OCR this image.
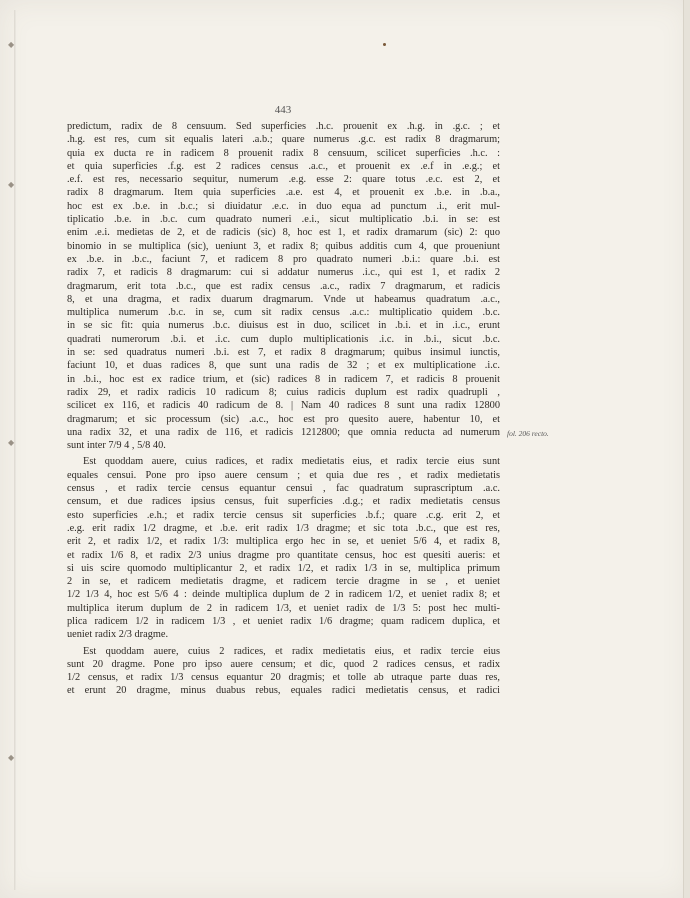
◆
◆
◆
◆
443
predictum, radix de 8 censuum. Sed superficies .h.c. prouenit ex .h.g. in .g.c. ; et
.h.g. est res, cum sit equalis lateri .a.b.; quare numerus .g.c. est radix 8 dragmarum;
quia ex ducta re in radicem 8 prouenit radix 8 censuum, scilicet superficies .h.c. :
et quia superficies .f.g. est 2 radices census .a.c., et prouenit ex .e.f in .e.g.; et
.e.f. est res, necessario sequitur, numerum .e.g. esse 2: quare totus .e.c. est 2, et
radix 8 dragmarum. Item quia superficies .a.e. est 4, et prouenit ex .b.e. in .b.a.,
hoc est ex .b.e. in .b.c.; si diuidatur .e.c. in duo equa ad punctum .i., erit mul-
tiplicatio .b.e. in .b.c. cum quadrato numeri .e.i., sicut multiplicatio .b.i. in se: est
enim .e.i. medietas de 2, et de radicis (sic) 8, hoc est 1, et radix dramarum (sic) 2: quo
binomio in se multiplica (sic), ueniunt 3, et radix 8; quibus additis cum 4, que proueniunt
ex .b.e. in .b.c., faciunt 7, et radicem 8 pro quadrato numeri .b.i.: quare .b.i. est
radix 7, et radicis 8 dragmarum: cui si addatur numerus .i.c., qui est 1, et radix 2
dragmarum, erit tota .b.c., que est radix census .a.c., radix 7 dragmarum, et radicis
8, et una dragma, et radix duarum dragmarum. Vnde ut habeamus quadratum .a.c.,
multiplica numerum .b.c. in se, cum sit radix census .a.c.: multiplicatio quidem .b.c.
in se sic fit: quia numerus .b.c. diuisus est in duo, scilicet in .b.i. et in .i.c., erunt
quadrati numerorum .b.i. et .i.c. cum duplo multiplicationis .i.c. in .b.i., sicut .b.c.
in se: sed quadratus numeri .b.i. est 7, et radix 8 dragmarum; quibus insimul iunctis,
faciunt 10, et duas radices 8, que sunt una radis de 32 ; et ex multiplicatione .i.c.
in .b.i., hoc est ex radice trium, et (sic) radices 8 in radicem 7, et radicis 8 prouenit
radix 29, et radix radicis 10 radicum 8; cuius radicis duplum est radix quadrupli ,
scilicet ex 116, et radicis 40 radicum de 8. | Nam 40 radices 8 sunt una radix 12800
dragmarum; et sic processum (sic) .a.c., hoc est pro quesito auere, habentur 10, et
una radix 32, et una radix de 116, et radicis 1212800; que omnia reducta ad numerum
sunt inter 7/9 4 , 5/8 40.
Est quoddam auere, cuius radices, et radix medietatis eius, et radix tercie eius sunt
equales censui. Pone pro ipso auere censum ; et quia due res , et radix medietatis
census , et radix tercie census equantur censui , fac quadratum suprascriptum .a.c.
censum, et due radices ipsius census, fuit superficies .d.g.; et radix medietatis census
esto superficies .e.h.; et radix tercie census sit superficies .b.f.; quare .c.g. erit 2, et
.e.g. erit radix 1/2 dragme, et .b.e. erit radix 1/3 dragme; et sic tota .b.c., que est res,
erit 2, et radix 1/2, et radix 1/3: multiplica ergo hec in se, et ueniet 5/6 4, et radix 8,
et radix 1/6 8, et radix 2/3 unius dragme pro quantitate census, hoc est quesiti aueris: et
si uis scire quomodo multiplicantur 2, et radix 1/2, et radix 1/3 in se, multiplica primum
2 in se, et radicem medietatis dragme, et radicem tercie dragme in se , et ueniet
1/2 1/3 4, hoc est 5/6 4 : deinde multiplica duplum de 2 in radicem 1/2, et ueniet radix 8; et
multiplica iterum duplum de 2 in radicem 1/3, et ueniet radix de 1/3 5: post hec multi-
plica radicem 1/2 in radicem 1/3 , et ueniet radix 1/6 dragme; quam radicem duplica, et
ueniet radix 2/3 dragme.
Est quoddam auere, cuius 2 radices, et radix medietatis eius, et radix tercie eius
sunt 20 dragme. Pone pro ipso auere censum; et dic, quod 2 radices census, et radix
1/2 census, et radix 1/3 census equantur 20 dragmis; et tolle ab utraque parte duas res,
et erunt 20 dragme, minus duabus rebus, equales radici medietatis census, et radici
fol. 206 recto.
